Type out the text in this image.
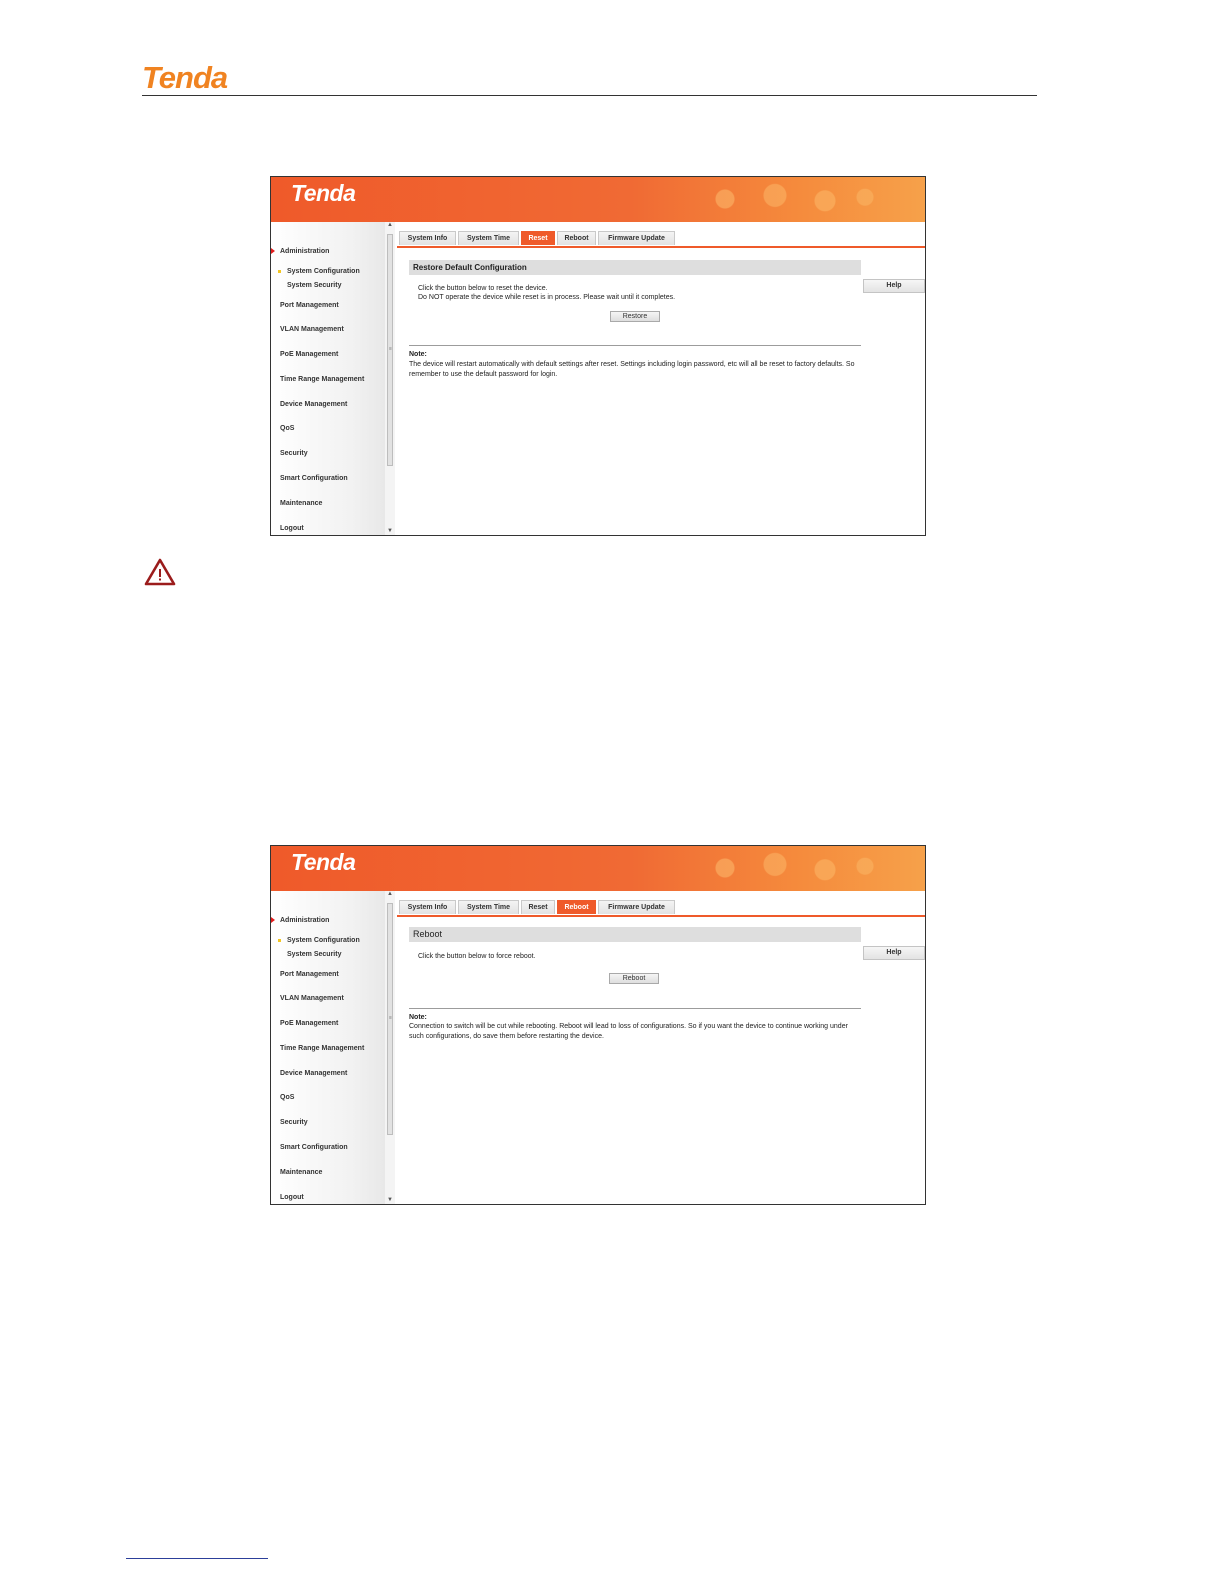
Tenda
Tenda
Administration
System Configuration
System Security
Port Management
VLAN Management
PoE Management
Time Range Management
Device Management
QoS
Security
Smart Configuration
Maintenance
Logout
▲
≡
▼
System Info	System Time	Reset	Reboot	Firmware Update
Restore Default Configuration
Help
Click the button below to reset the device.
Do NOT operate the device while reset is in process. Please wait until it completes.
Restore
Note:
The device will restart automatically with default settings after reset. Settings including login password, etc will all be reset to factory defaults. So remember to use the default password for login.
Tenda
Administration
System Configuration
System Security
Port Management
VLAN Management
PoE Management
Time Range Management
Device Management
QoS
Security
Smart Configuration
Maintenance
Logout
▲
≡
▼
System Info	System Time	Reset	Reboot	Firmware Update
Reboot
Help
Click the button below to force reboot.
Reboot
Note:
Connection to switch will be cut while rebooting. Reboot will lead to loss of configurations. So if you want the device to continue working under such configurations, do save them before restarting the device.
